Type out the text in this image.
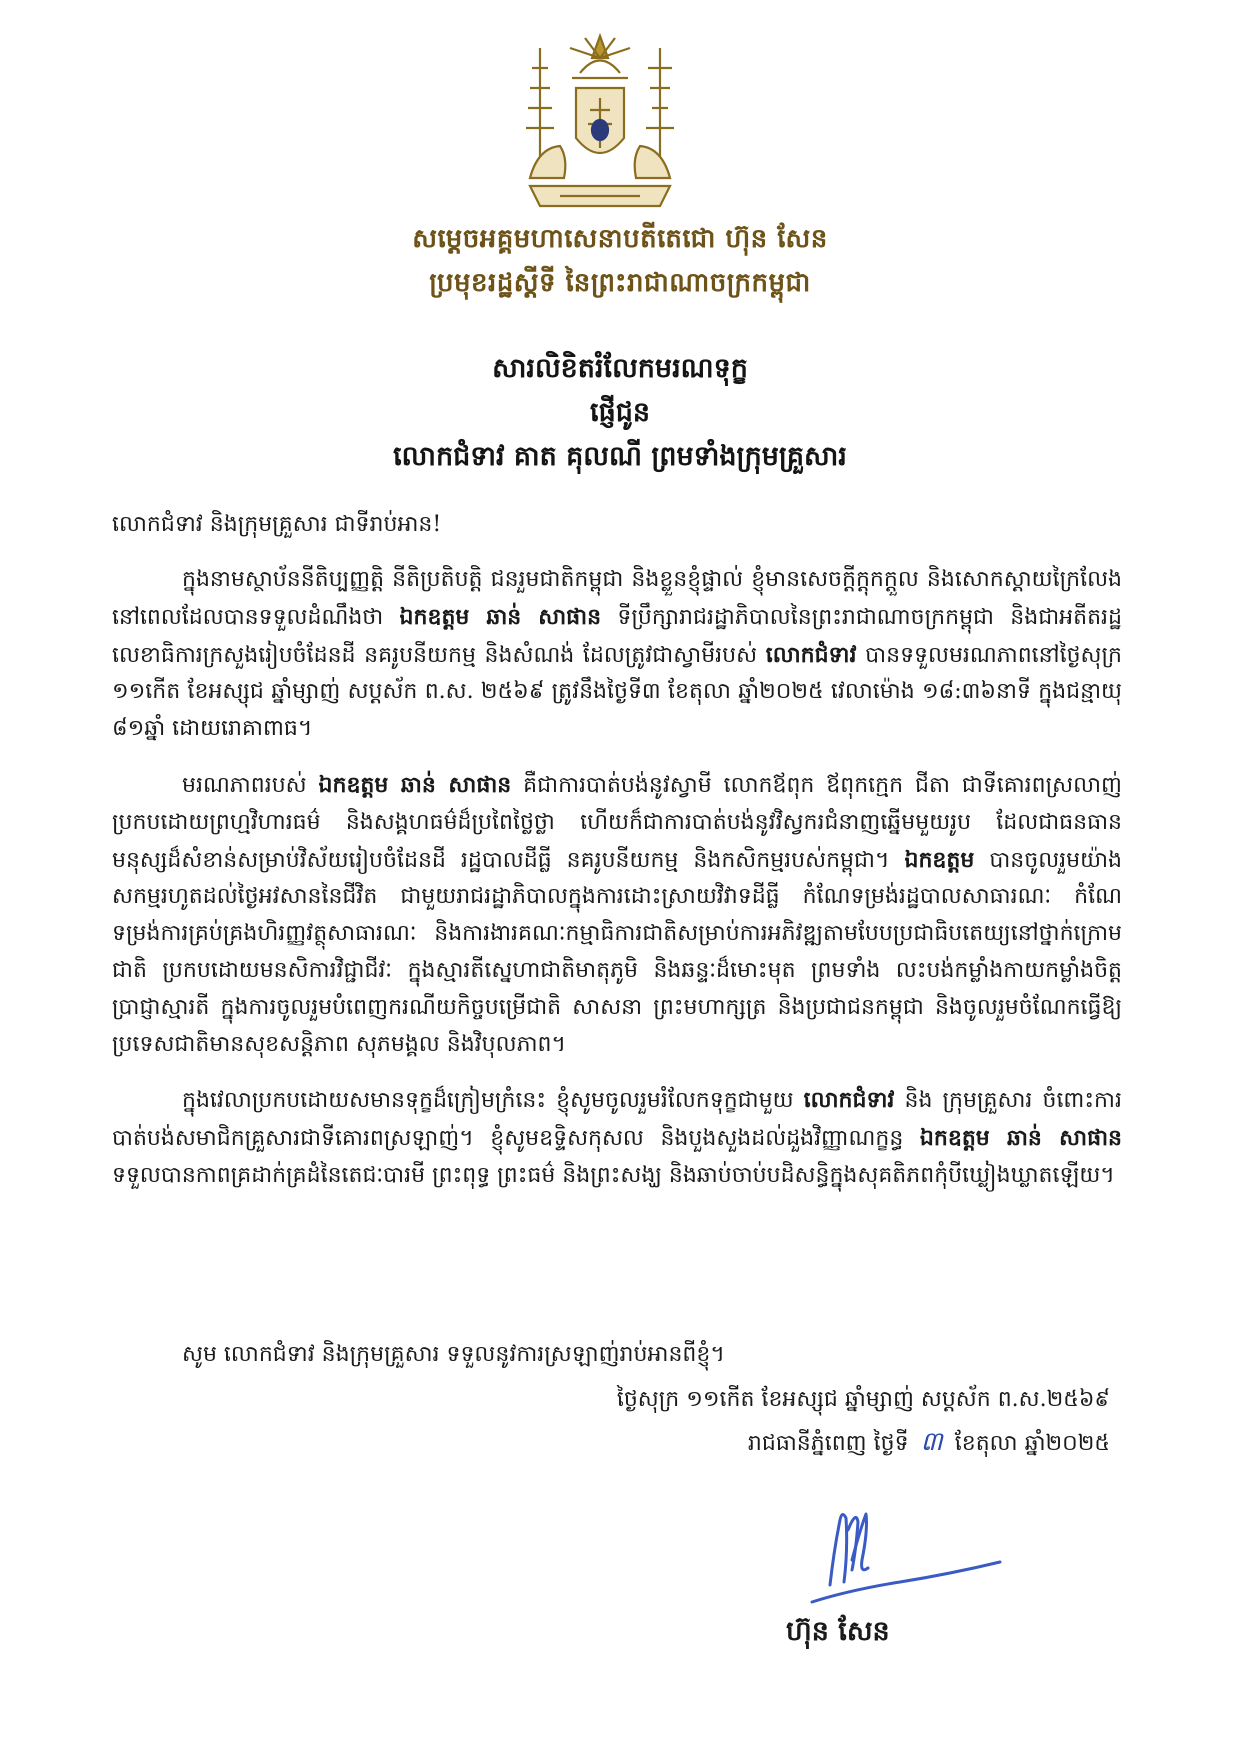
សម្ដេចអគ្គមហាសេនាបតីតេជោ ហ៊ុន សែន
ប្រមុខរដ្ឋស្ដីទី នៃព្រះរាជាណាចក្រកម្ពុជា
សារលិខិតរំលែកមរណទុក្ខ
ផ្ញើជូន
លោកជំទាវ គាត គុលណី ព្រមទាំងក្រុមគ្រួសារ
លោកជំទាវ និងក្រុមគ្រួសារ ជាទីរាប់អាន!

ក្នុងនាមស្ថាប័ននីតិប្បញ្ញត្តិ នីតិប្រតិបត្តិ ជនរួមជាតិកម្ពុជា និងខ្លួនខ្ញុំផ្ទាល់ ខ្ញុំមានសេចក្ដីក្ដុកក្ដួល និងសោកស្ដាយក្រៃលែង នៅពេលដែលបានទទួលដំណឹងថា ឯកឧត្តម ឆាន់ សាផាន ទីប្រឹក្សារាជរដ្ឋាភិបាលនៃព្រះរាជាណាចក្រកម្ពុជា និងជាអតីតរដ្ឋលេខាធិការក្រសួងរៀបចំដែនដី នគរូបនីយកម្ម និងសំណង់ ដែលត្រូវជាស្វាមីរបស់ លោកជំទាវ បានទទួលមរណភាពនៅថ្ងៃសុក្រ ១១កើត ខែអស្សុជ ឆ្នាំម្សាញ់ សប្តស័ក ព.ស. ២៥៦៩ ត្រូវនឹងថ្ងៃទី៣ ខែតុលា ឆ្នាំ២០២៥ វេលាម៉ោង ១៨:៣៦នាទី ក្នុងជន្មាយុ ៨១ឆ្នាំ ដោយរោគាពាធ។

មរណភាពរបស់ ឯកឧត្តម ឆាន់ សាផាន គឺជាការបាត់បង់នូវស្វាមី លោកឪពុក ឪពុកក្មេក ជីតា ជាទីគោរពស្រលាញ់ប្រកបដោយព្រហ្មវិហារធម៌ និងសង្គហធម៌ដ៏ប្រពៃថ្លៃថ្លា ហើយក៏ជាការបាត់បង់នូវវិស្វករជំនាញឆ្នើមមួយរូប ដែលជាធនធានមនុស្សដ៏សំខាន់សម្រាប់វិស័យរៀបចំដែនដី រដ្ឋបាលដីធ្លី នគរូបនីយកម្ម និងកសិកម្មរបស់កម្ពុជា។ ឯកឧត្តម បានចូលរួមយ៉ាងសកម្មរហូតដល់ថ្ងៃអវសាននៃជីវិត ជាមួយរាជរដ្ឋាភិបាលក្នុងការដោះស្រាយវិវាទដីធ្លី កំណែទម្រង់រដ្ឋបាលសាធារណៈ កំណែទម្រង់ការគ្រប់គ្រងហិរញ្ញវត្ថុសាធារណៈ និងការងារគណៈកម្មាធិការជាតិសម្រាប់ការអភិវឌ្ឍតាមបែបប្រជាធិបតេយ្យនៅថ្នាក់ក្រោមជាតិ ប្រកបដោយមនសិការវិជ្ជាជីវៈ ក្នុងស្មារតីស្នេហាជាតិមាតុភូមិ និងឆន្ទៈដ៏មោះមុត ព្រមទាំង លះបង់កម្លាំងកាយកម្លាំងចិត្តប្រាជ្ញាស្មារតី ក្នុងការចូលរួមបំពេញករណីយកិច្ចបម្រើជាតិ សាសនា ព្រះមហាក្សត្រ និងប្រជាជនកម្ពុជា និងចូលរួមចំណែកធ្វើឱ្យប្រទេសជាតិមានសុខសន្តិភាព សុភមង្គល និងវិបុលភាព។

ក្នុងវេលាប្រកបដោយសមានទុក្ខដ៏ក្រៀមក្រំនេះ ខ្ញុំសូមចូលរួមរំលែកទុក្ខជាមួយ លោកជំទាវ និង ក្រុមគ្រួសារ ចំពោះការបាត់បង់សមាជិកគ្រួសារជាទីគោរពស្រឡាញ់។ ខ្ញុំសូមឧទ្ទិសកុសល និងបួងសួងដល់ដួងវិញ្ញាណក្ខន្ធ ឯកឧត្តម ឆាន់ សាផាន ទទួលបានកាពគ្រដាក់គ្រដំនៃតេជៈបារមី ព្រះពុទ្ធ ព្រះធម៌ និងព្រះសង្ឃ និងឆាប់ចាប់បដិសន្ធិក្នុងសុគតិភពកុំបីឃ្លៀងឃ្លាតឡើយ។

សូម លោកជំទាវ និងក្រុមគ្រួសារ ទទួលនូវការស្រឡាញ់រាប់អានពីខ្ញុំ។
ថ្ងៃសុក្រ ១១កើត ខែអស្សុជ ឆ្នាំម្សាញ់ សប្តស័ក ព.ស.២៥៦៩
រាជធានីភ្នំពេញ ថ្ងៃទី ៣ ខែតុលា ឆ្នាំ២០២៥
ហ៊ុន សែន
